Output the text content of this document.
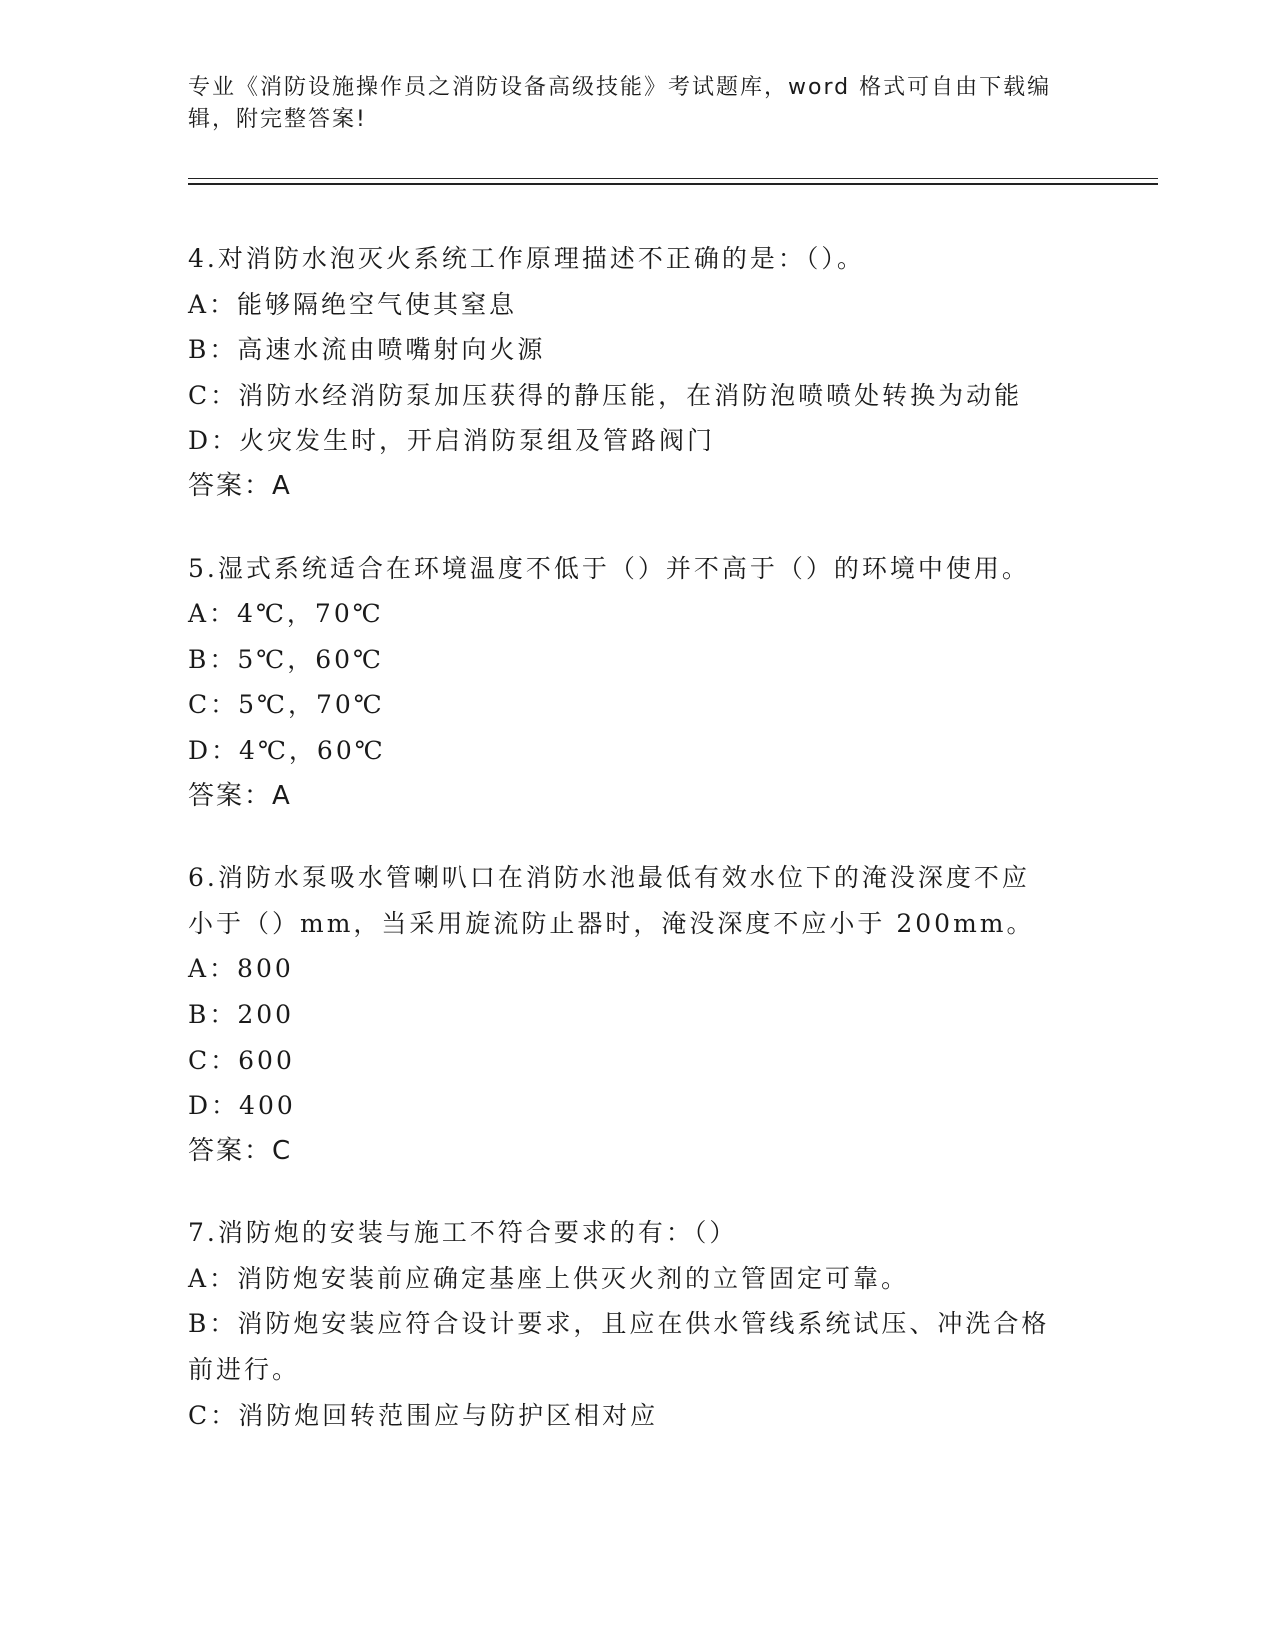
专业《消防设施操作员之消防设备高级技能》考试题库，word 格式可自由下载编
辑，附完整答案!
4.对消防水泡灭火系统工作原理描述不正确的是：（）。
A：能够隔绝空气使其窒息
B：高速水流由喷嘴射向火源
C：消防水经消防泵加压获得的静压能，在消防泡喷喷处转换为动能
D：火灾发生时，开启消防泵组及管路阀门
答案：A
5.湿式系统适合在环境温度不低于（）并不高于（）的环境中使用。
A：4℃，70℃
B：5℃，60℃
C：5℃，70℃
D：4℃，60℃
答案：A
6.消防水泵吸水管喇叭口在消防水池最低有效水位下的淹没深度不应
小于（）mm，当采用旋流防止器时，淹没深度不应小于 200mm。
A：800
B：200
C：600
D：400
答案：C
7.消防炮的安装与施工不符合要求的有：（）
A：消防炮安装前应确定基座上供灭火剂的立管固定可靠。
B：消防炮安装应符合设计要求，且应在供水管线系统试压、冲洗合格
前进行。
C：消防炮回转范围应与防护区相对应
